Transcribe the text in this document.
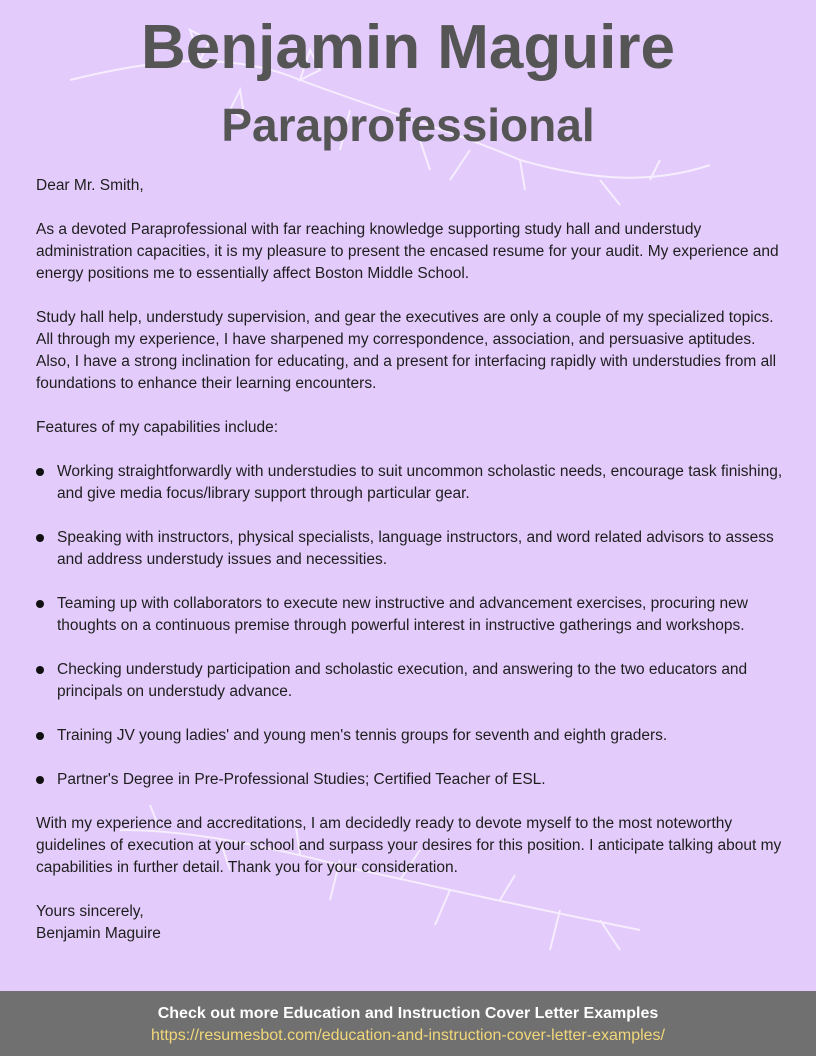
Benjamin Maguire
Paraprofessional

Dear Mr. Smith,

As a devoted Paraprofessional with far reaching knowledge supporting study hall and understudy administration capacities, it is my pleasure to present the encased resume for your audit. My experience and energy positions me to essentially affect Boston Middle School.

Study hall help, understudy supervision, and gear the executives are only a couple of my specialized topics. All through my experience, I have sharpened my correspondence, association, and persuasive aptitudes. Also, I have a strong inclination for educating, and a present for interfacing rapidly with understudies from all foundations to enhance their learning encounters.

Features of my capabilities include:

Working straightforwardly with understudies to suit uncommon scholastic needs, encourage task finishing, and give media focus/library support through particular gear.
Speaking with instructors, physical specialists, language instructors, and word related advisors to assess and address understudy issues and necessities.
Teaming up with collaborators to execute new instructive and advancement exercises, procuring new thoughts on a continuous premise through powerful interest in instructive gatherings and workshops.
Checking understudy participation and scholastic execution, and answering to the two educators and principals on understudy advance.
Training JV young ladies' and young men's tennis groups for seventh and eighth graders.
Partner's Degree in Pre-Professional Studies; Certified Teacher of ESL.

With my experience and accreditations, I am decidedly ready to devote myself to the most noteworthy guidelines of execution at your school and surpass your desires for this position. I anticipate talking about my capabilities in further detail. Thank you for your consideration.

Yours sincerely,
Benjamin Maguire
Check out more Education and Instruction Cover Letter Examples
https://resumesbot.com/education-and-instruction-cover-letter-examples/
